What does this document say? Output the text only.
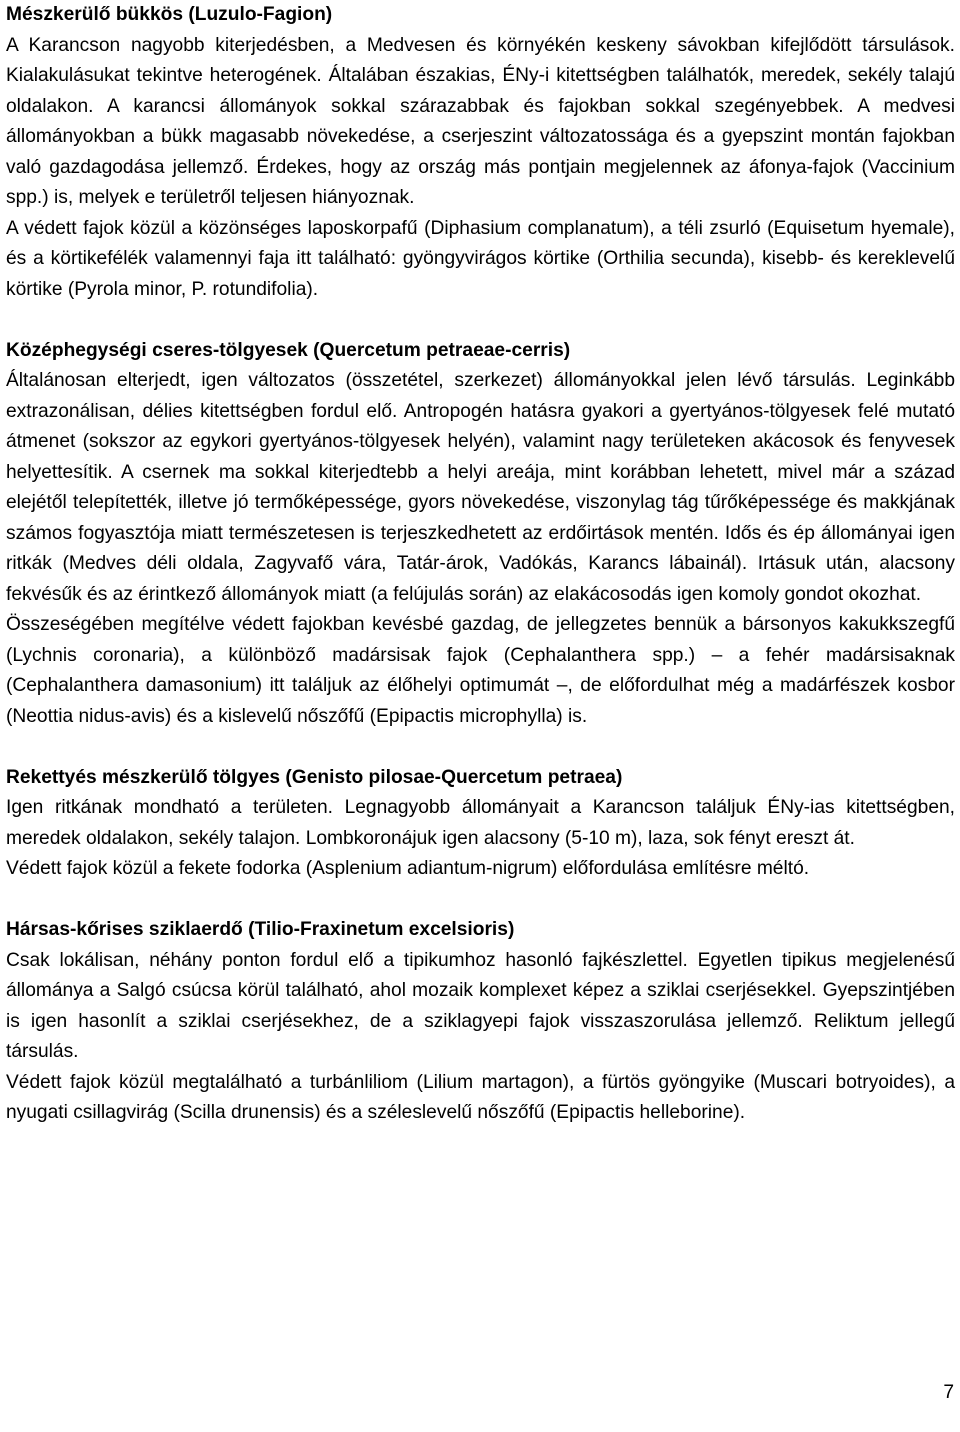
Mészkerülő bükkös (Luzulo-Fagion)

A Karancson nagyobb kiterjedésben, a Medvesen és környékén keskeny sávokban kifejlődött társulások. Kialakulásukat tekintve heterogének. Általában északias, ÉNy-i kitettségben találhatók, meredek, sekély talajú oldalakon. A karancsi állományok sokkal szárazabbak és fajokban sokkal szegényebbek. A medvesi állományokban a bükk magasabb növekedése, a cserjeszint változatossága és a gyepszint montán fajokban való gazdagodása jellemző. Érdekes, hogy az ország más pontjain megjelennek az áfonya-fajok (Vaccinium spp.) is, melyek e területről teljesen hiányoznak.

A védett fajok közül a közönséges laposkorpafű (Diphasium complanatum), a téli zsurló (Equisetum hyemale), és a körtikefélék valamennyi faja itt található: gyöngyvirágos körtike (Orthilia secunda), kisebb- és kereklevelű körtike (Pyrola minor, P. rotundifolia).

Középhegységi cseres-tölgyesek (Quercetum petraeae-cerris)

Általánosan elterjedt, igen változatos (összetétel, szerkezet) állományokkal jelen lévő társulás. Leginkább extrazonálisan, délies kitettségben fordul elő. Antropogén hatásra gyakori a gyertyános-tölgyesek felé mutató átmenet (sokszor az egykori gyertyános-tölgyesek helyén), valamint nagy területeken akácosok és fenyvesek helyettesítik. A csernek ma sokkal kiterjedtebb a helyi areája, mint korábban lehetett, mivel már a század elejétől telepítették, illetve jó termőképessége, gyors növekedése, viszonylag tág tűrőképessége és makkjának számos fogyasztója miatt természetesen is terjeszkedhetett az erdőirtások mentén. Idős és ép állományai igen ritkák (Medves déli oldala, Zagyvafő vára, Tatár-árok, Vadókás, Karancs lábainál). Irtásuk után, alacsony fekvésűk és az érintkező állományok miatt (a felújulás során) az elakácosodás igen komoly gondot okozhat.

Összeségében megítélve védett fajokban kevésbé gazdag, de jellegzetes bennük a bársonyos kakukkszegfű (Lychnis coronaria), a különböző madársisak fajok (Cephalanthera spp.) – a fehér madársisaknak (Cephalanthera damasonium) itt találjuk az élőhelyi optimumát –, de előfordulhat még a madárfészek kosbor (Neottia nidus-avis) és a kislevelű nőszőfű (Epipactis microphylla) is.

Rekettyés mészkerülő tölgyes (Genisto pilosae-Quercetum petraea)

Igen ritkának mondható a területen. Legnagyobb állományait a Karancson találjuk ÉNy-ias kitettségben, meredek oldalakon, sekély talajon. Lombkoronájuk igen alacsony (5-10 m), laza, sok fényt ereszt át.

Védett fajok közül a fekete fodorka (Asplenium adiantum-nigrum) előfordulása említésre méltó.

Hársas-kőrises sziklaerdő (Tilio-Fraxinetum excelsioris)

Csak lokálisan, néhány ponton fordul elő a tipikumhoz hasonló fajkészlettel. Egyetlen tipikus megjelenésű állománya a Salgó csúcsa körül található, ahol mozaik komplexet képez a sziklai cserjésekkel. Gyepszintjében is igen hasonlít a sziklai cserjésekhez, de a sziklagyepi fajok visszaszorulása jellemző. Reliktum jellegű társulás.

Védett fajok közül megtalálható a turbánliliom (Lilium martagon), a fürtös gyöngyike (Muscari botryoides), a nyugati csillagvirág (Scilla drunensis) és a széleslevelű nőszőfű (Epipactis helleborine).

7
